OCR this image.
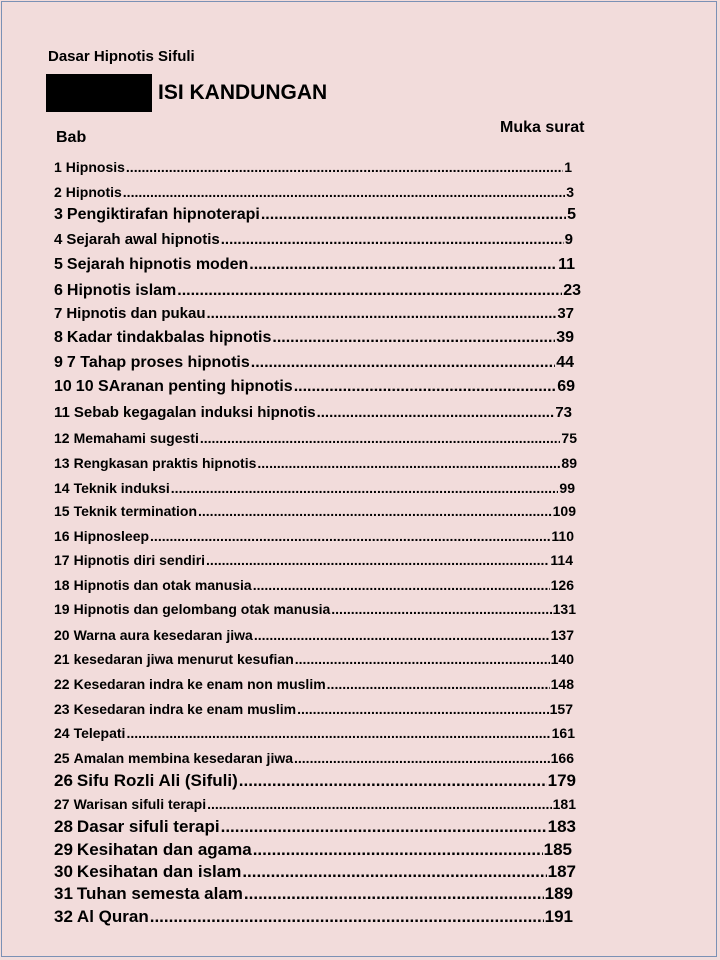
Dasar Hipnotis Sifuli
ISI KANDUNGAN
Bab
Muka surat
1 Hipnosis .....	1
2 Hipnotis .....	3
3 Pengiktirafan hipnoterapi .....	5
4 Sejarah awal hipnotis .....	9
5 Sejarah hipnotis moden .....	11
6 Hipnotis islam .....	23
7 Hipnotis dan pukau .....	37
8 Kadar tindakbalas hipnotis .....	39
9 7 Tahap proses hipnotis .....	44
10 10 SAranan penting hipnotis .....	69
11 Sebab kegagalan induksi hipnotis .....	73
12 Memahami sugesti .....	75
13 Rengkasan praktis hipnotis .....	89
14 Teknik induksi .....	99
15 Teknik termination .....	109
16 Hipnosleep .....	110
17 Hipnotis diri sendiri .....	114
18 Hipnotis dan otak manusia .....	126
19 Hipnotis dan gelombang otak manusia .....	131
20 Warna aura kesedaran jiwa .....	137
21 kesedaran jiwa menurut kesufian .....	140
22 Kesedaran indra ke enam non muslim .....	148
23 Kesedaran indra ke enam muslim .....	157
24 Telepati .....	161
25 Amalan membina kesedaran jiwa .....	166
26 Sifu Rozli Ali (Sifuli) .....	179
27 Warisan sifuli terapi .....	181
28 Dasar sifuli terapi .....	183
29 Kesihatan dan agama .....	185
30 Kesihatan dan islam .....	187
31 Tuhan semesta alam .....	189
32 Al Quran .....	191
